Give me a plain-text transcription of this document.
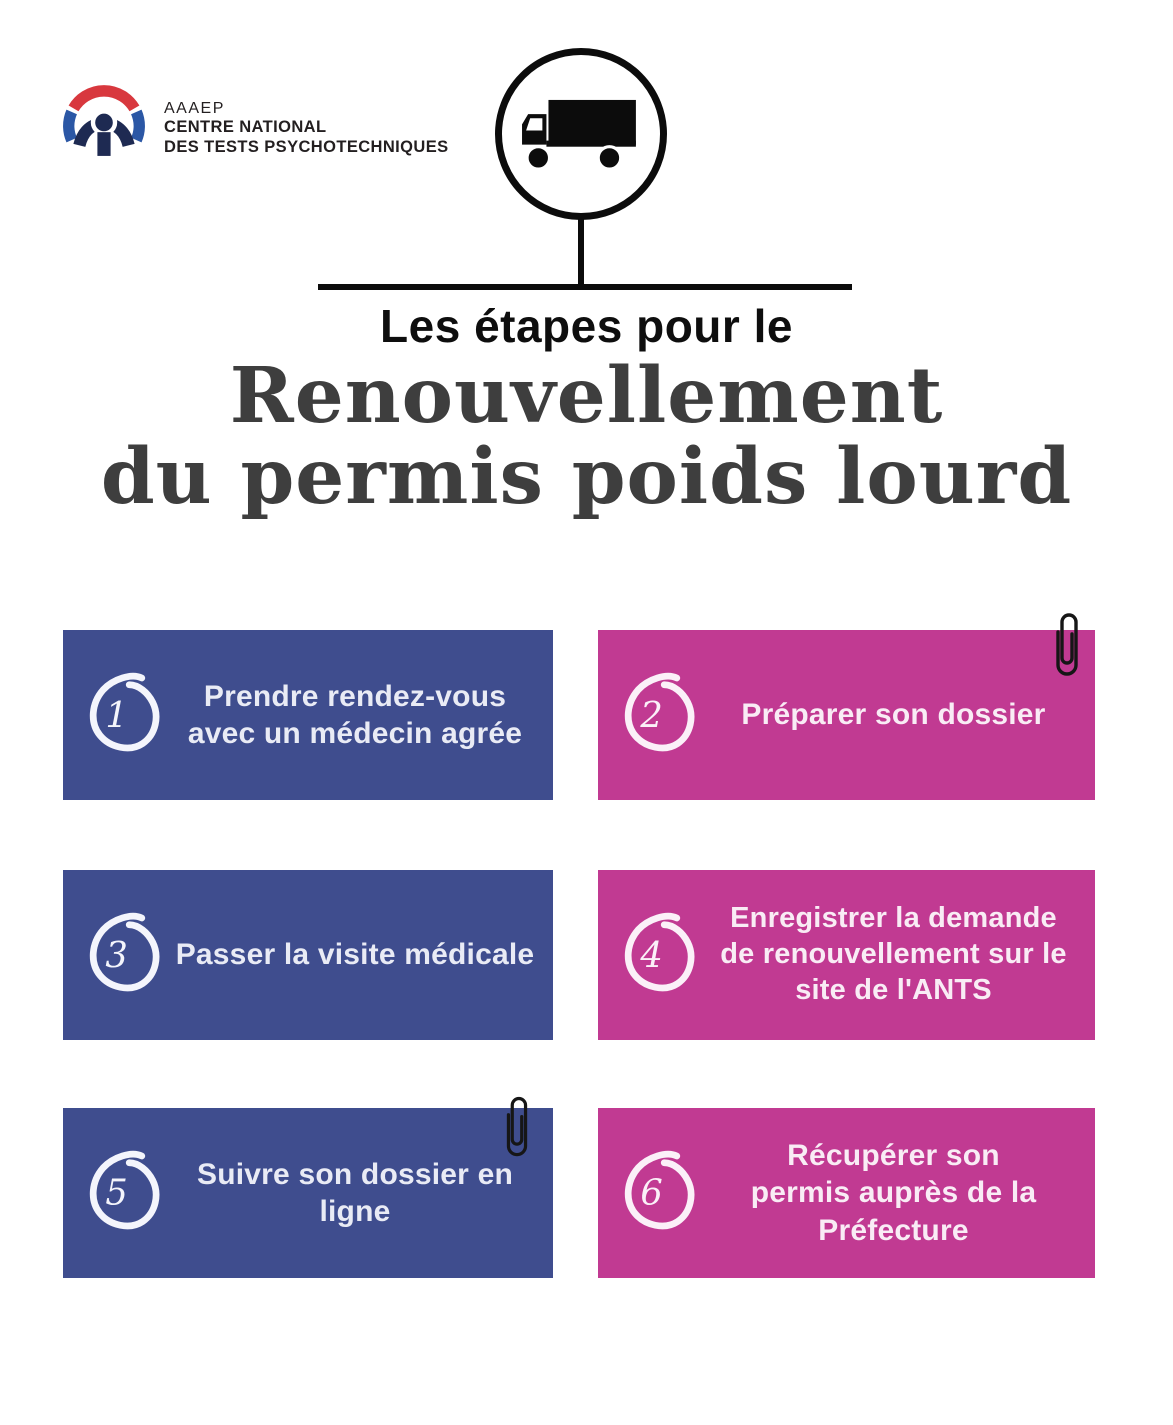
AAAEP
CENTRE NATIONAL
DES TESTS PSYCHOTECHNIQUES
Les étapes pour le
Renouvellement
du permis poids lourd
1	Prendre rendez-vous avec un médecin agrée	2	Préparer son dossier
3 Passer la visite médicale	4
Enregistrer la demande de renouvellement sur le site de l'ANTS
5	Suivre son dossier en ligne	6
Récupérer son permis auprès de la Préfecture
